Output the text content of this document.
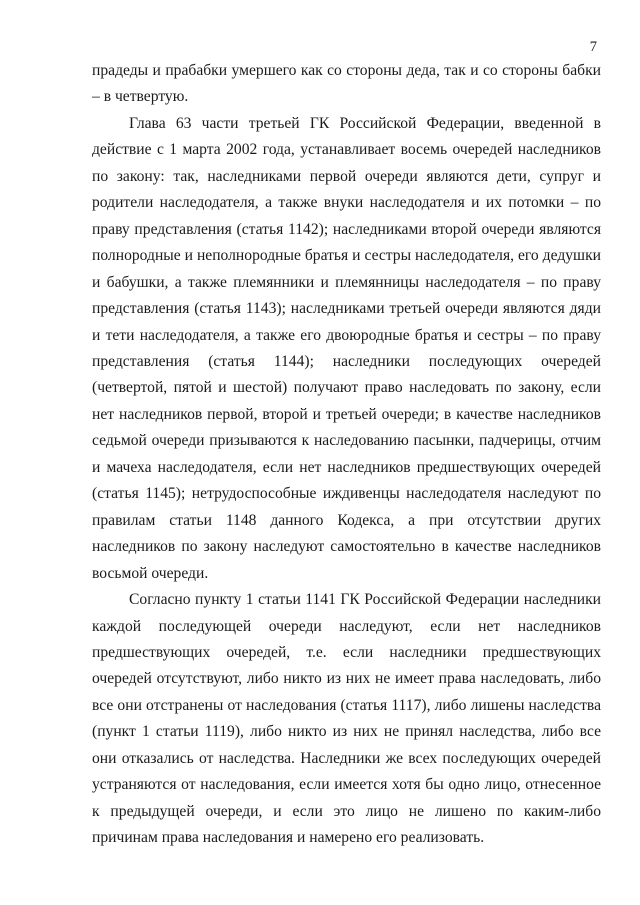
7

прадеды и прабабки умершего как со стороны деда, так и со стороны бабки – в четвертую.

Глава 63 части третьей ГК Российской Федерации, введенной в действие с 1 марта 2002 года, устанавливает восемь очередей наследников по закону: так, наследниками первой очереди являются дети, супруг и родители наследодателя, а также внуки наследодателя и их потомки – по праву представления (статья 1142); наследниками второй очереди являются полнородные и неполнородные братья и сестры наследодателя, его дедушки и бабушки, а также племянники и племянницы наследодателя – по праву представления (статья 1143); наследниками третьей очереди являются дяди и тети наследодателя, а также его двоюродные братья и сестры – по праву представления (статья 1144); наследники последующих очередей (четвертой, пятой и шестой) получают право наследовать по закону, если нет наследников первой, второй и третьей очереди; в качестве наследников седьмой очереди призываются к наследованию пасынки, падчерицы, отчим и мачеха наследодателя, если нет наследников предшествующих очередей (статья 1145); нетрудоспособные иждивенцы наследодателя наследуют по правилам статьи 1148 данного Кодекса, а при отсутствии других наследников по закону наследуют самостоятельно в качестве наследников восьмой очереди.

Согласно пункту 1 статьи 1141 ГК Российской Федерации наследники каждой последующей очереди наследуют, если нет наследников предшествующих очередей, т.е. если наследники предшествующих очередей отсутствуют, либо никто из них не имеет права наследовать, либо все они отстранены от наследования (статья 1117), либо лишены наследства (пункт 1 статьи 1119), либо никто из них не принял наследства, либо все они отказались от наследства. Наследники же всех последующих очередей устраняются от наследования, если имеется хотя бы одно лицо, отнесенное к предыдущей очереди, и если это лицо не лишено по каким-либо причинам права наследования и намерено его реализовать.
